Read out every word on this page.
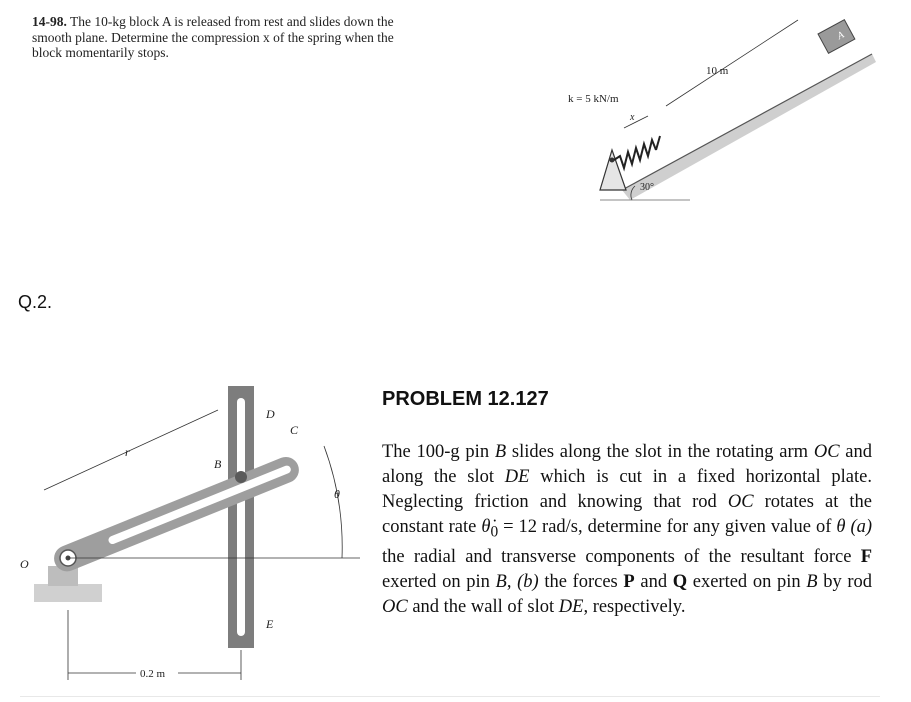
14-98. The 10-kg block A is released from rest and slides down the smooth plane. Determine the compression x of the spring when the block momentarily stops.
A
k = 5 kN/m
x
10 m
30°
Q.2.
O
B
C
D
E
r
θ
0.2 m
PROBLEM 12.127
The 100-g pin B slides along the slot in the rotating arm OC and along the slot DE which is cut in a fixed horizontal plate. Neglecting friction and knowing that rod OC rotates at the constant rate $\thetȧ_0 = 12$ rad/s, determine for any given value of θ (a) the radial and transverse components of the resultant force F exerted on pin B, (b) the forces P and Q exerted on pin B by rod OC and the wall of slot DE, respectively.
